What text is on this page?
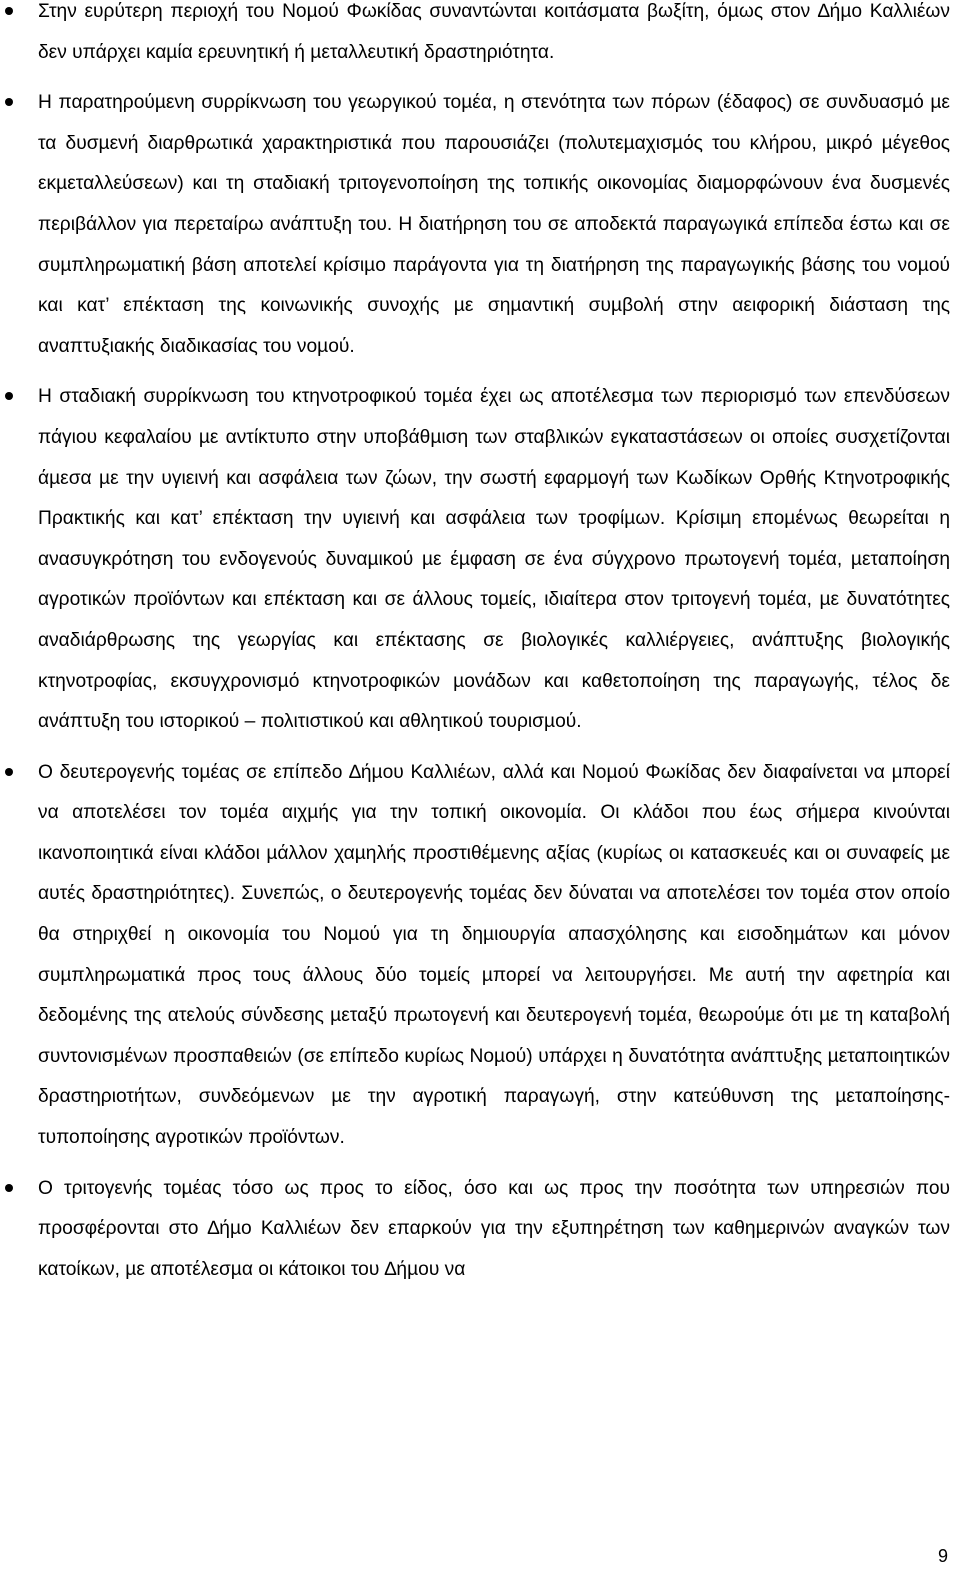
Στην ευρύτερη περιοχή του Νοµού Φωκίδας συναντώνται κοιτάσµατα βωξίτη, όµως στον ∆ήµο Καλλιέων δεν υπάρχει καµία ερευνητική ή µεταλλευτική δραστηριότητα.
Η παρατηρούµενη συρρίκνωση του γεωργικού τοµέα, η στενότητα των πόρων (έδαφος) σε συνδυασµό µε τα δυσµενή διαρθρωτικά χαρακτηριστικά που παρουσιάζει (πολυτεµαχισµός του κλήρου, µικρό µέγεθος εκµεταλλεύσεων) και τη σταδιακή τριτογενοποίηση της τοπικής οικονοµίας διαµορφώνουν ένα δυσµενές περιβάλλον για περεταίρω ανάπτυξη του. Η διατήρηση του σε αποδεκτά παραγωγικά επίπεδα έστω και σε συµπληρωµατική βάση αποτελεί κρίσιµο παράγοντα για τη διατήρηση της παραγωγικής βάσης του νοµού και κατ’ επέκταση της κοινωνικής συνοχής µε σηµαντική συµβολή στην αειφορική διάσταση της αναπτυξιακής διαδικασίας του νοµού.
Η σταδιακή συρρίκνωση του κτηνοτροφικού τοµέα έχει ως αποτέλεσµα των περιορισµό των επενδύσεων πάγιου κεφαλαίου µε αντίκτυπο στην υποβάθµιση των σταβλικών εγκαταστάσεων οι οποίες συσχετίζονται άµεσα µε την υγιεινή και ασφάλεια των ζώων, την σωστή εφαρµογή των Κωδίκων Ορθής Κτηνοτροφικής Πρακτικής και κατ’ επέκταση την υγιεινή και ασφάλεια των τροφίµων. Κρίσιµη εποµένως θεωρείται η ανασυγκρότηση του ενδογενούς δυναµικού µε έµφαση σε ένα σύγχρονο πρωτογενή τοµέα, µεταποίηση αγροτικών προϊόντων και επέκταση και σε άλλους τοµείς, ιδιαίτερα στον τριτογενή τοµέα, µε δυνατότητες αναδιάρθρωσης της γεωργίας και επέκτασης σε βιολογικές καλλιέργειες, ανάπτυξης βιολογικής κτηνοτροφίας, εκσυγχρονισµό κτηνοτροφικών µονάδων και καθετοποίηση της παραγωγής, τέλος δε ανάπτυξη του ιστορικού – πολιτιστικού και αθλητικού τουρισµού.
Ο δευτερογενής τοµέας σε επίπεδο ∆ήµου Καλλιέων, αλλά και Νοµού Φωκίδας δεν διαφαίνεται να µπορεί να αποτελέσει τον τοµέα αιχµής για την τοπική οικονοµία. Οι κλάδοι που έως σήµερα κινούνται ικανοποιητικά είναι κλάδοι µάλλον χαµηλής προστιθέµενης αξίας (κυρίως οι κατασκευές και οι συναφείς µε αυτές δραστηριότητες). Συνεπώς, ο δευτερογενής τοµέας δεν δύναται να αποτελέσει τον τοµέα στον οποίο θα στηριχθεί η οικονοµία του Νοµού για τη δηµιουργία απασχόλησης και εισοδηµάτων και µόνον συµπληρωµατικά προς τους άλλους δύο τοµείς µπορεί να λειτουργήσει. Με αυτή την αφετηρία και δεδοµένης της ατελούς σύνδεσης µεταξύ πρωτογενή και δευτερογενή τοµέα, θεωρούµε ότι µε τη καταβολή συντονισµένων προσπαθειών (σε επίπεδο κυρίως Νοµού) υπάρχει η δυνατότητα ανάπτυξης µεταποιητικών δραστηριοτήτων, συνδεόµενων µε την αγροτική παραγωγή, στην κατεύθυνση της µεταποίησης-τυποποίησης αγροτικών προϊόντων.
Ο τριτογενής τοµέας τόσο ως προς το είδος, όσο και ως προς την ποσότητα των υπηρεσιών που προσφέρονται στο ∆ήµο Καλλιέων δεν επαρκούν για την εξυπηρέτηση των καθηµερινών αναγκών των κατοίκων, µε αποτέλεσµα οι κάτοικοι του ∆ήµου να
9
